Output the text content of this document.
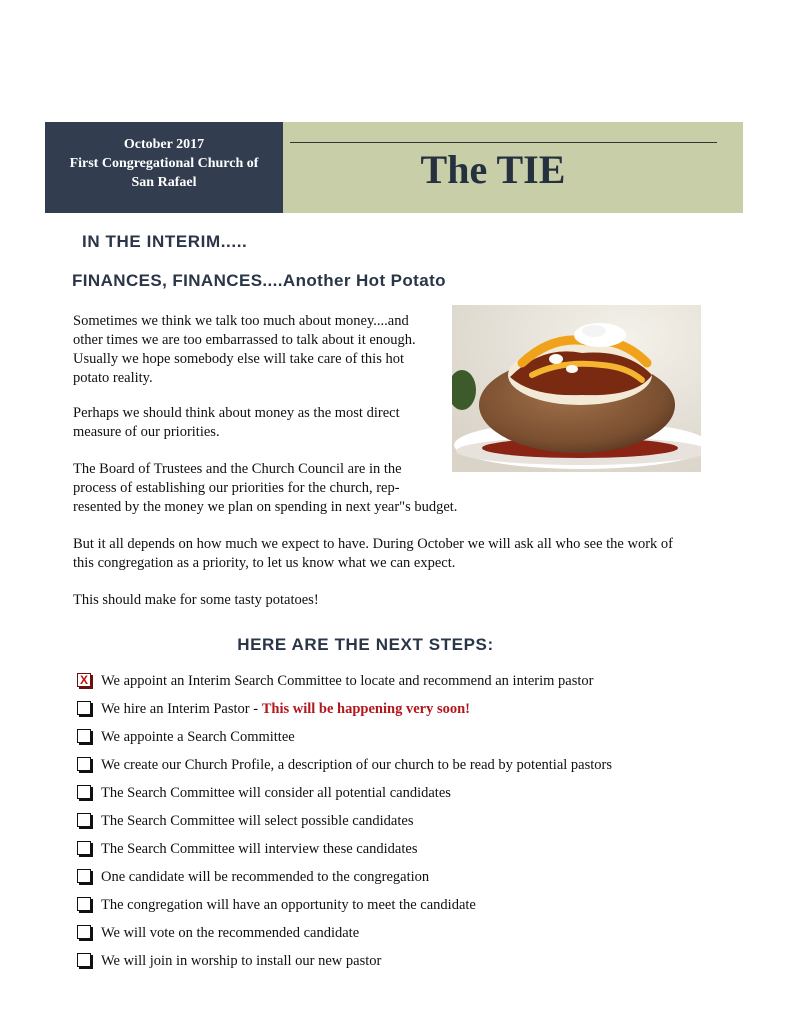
October 2017
First Congregational Church of
San Rafael	The TIE
IN THE INTERIM.....
FINANCES, FINANCES....Another Hot Potato

Sometimes we think we talk too much about money....and other times we are too embarrassed to talk about it enough. Usually we hope somebody else will take care of this hot potato reality.

Perhaps we should think about money as the most direct measure of our priorities.

The Board of Trustees and the Church Council are in the process of establishing our priorities for the church, rep-

resented by the money we plan on spending in next year"s budget.

But it all depends on how much we expect to have. During October we will ask all who see the work of this congregation as a priority, to let us know what we can expect.

This should make for some tasty potatoes!

HERE ARE THE NEXT STEPS:
X We appoint an Interim Search Committee to locate and recommend an interim pastor
We hire an Interim Pastor - This will be happening very soon!
We appointe a Search Committee
We create our Church Profile, a description of our church to be read by potential pastors
The Search Committee will consider all potential candidates
The Search Committee will select possible candidates
The Search Committee will interview these candidates
One candidate will be recommended to the congregation
The congregation will have an opportunity to meet the candidate
We will vote on the recommended candidate
We will join in worship to install our new pastor
